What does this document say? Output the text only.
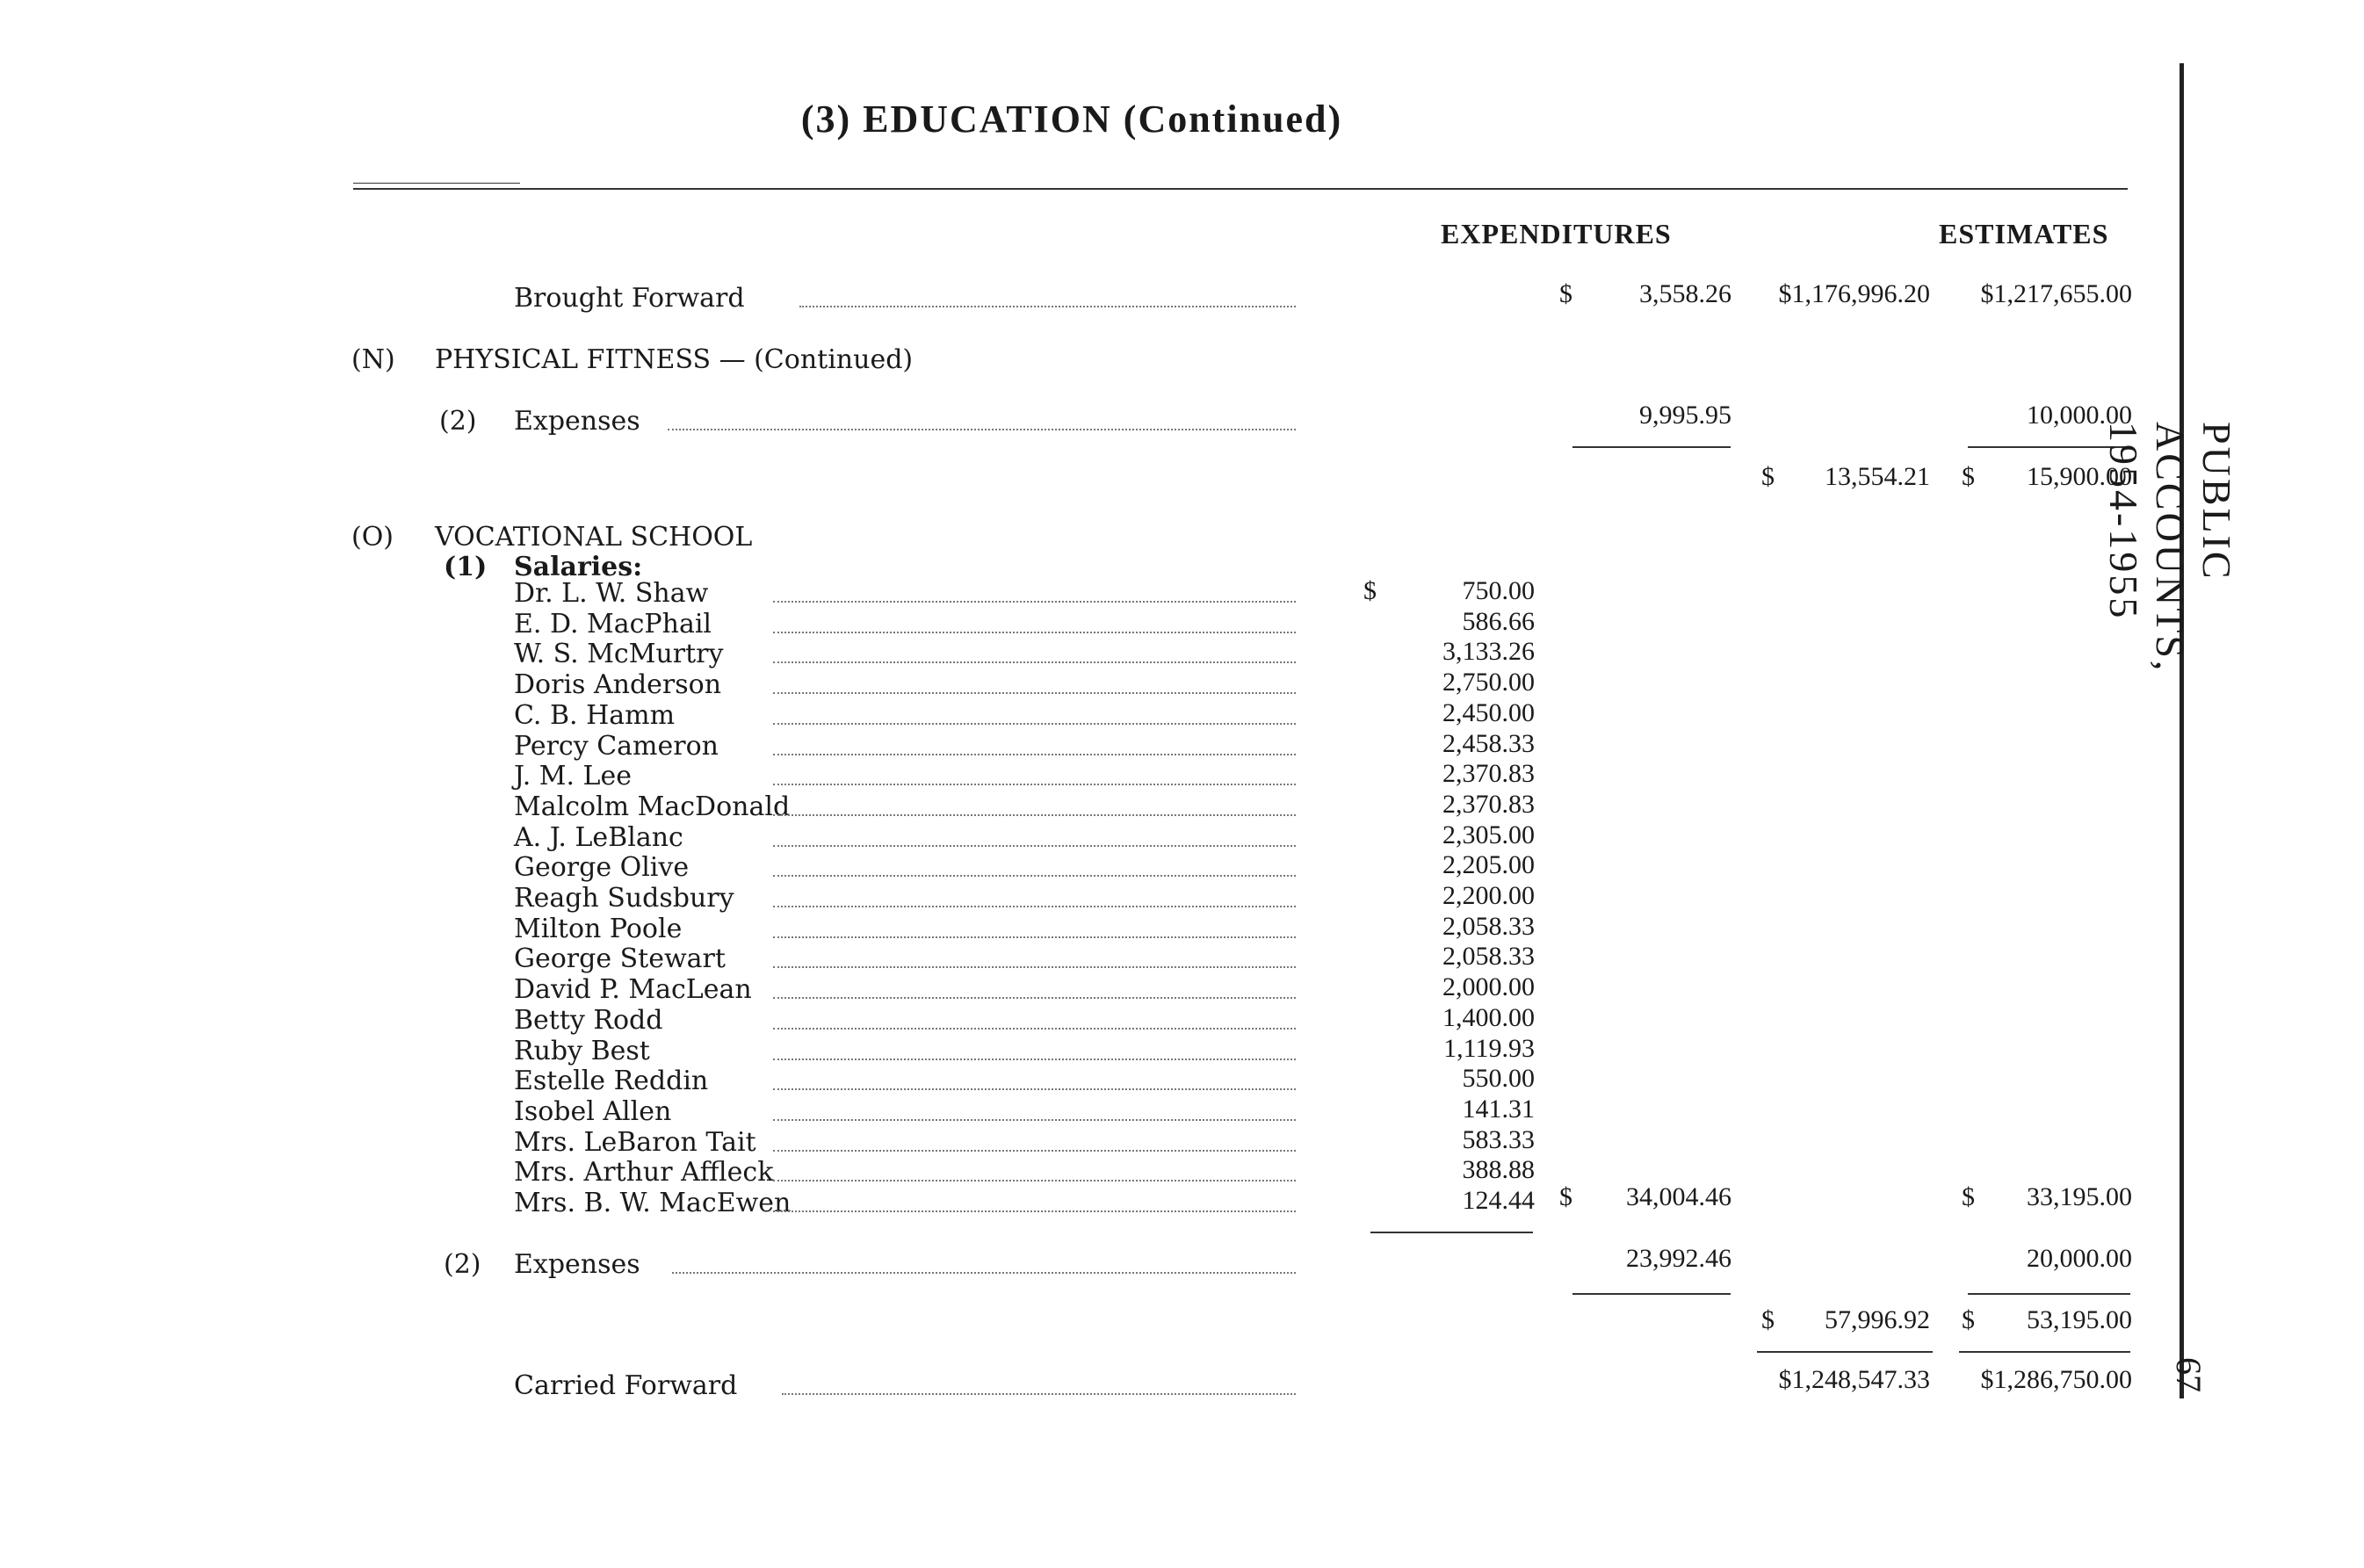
(3) EDUCATION (Continued)
EXPENDITURES	ESTIMATES
Brought Forward	$	3,558.26 $1,176,996.20 $1,217,655.00
(N) PHYSICAL FITNESS — (Continued)
(2) Expenses	9,995.95	10,000.00
$ 13,554.21 $ 15,900.00
(O) VOCATIONAL SCHOOL
(1) Salaries:
Dr. L. W. Shaw	750.00
E. D. MacPhail	586.66
W. S. McMurtry	3,133.26
Doris Anderson	2,750.00
C. B. Hamm	2,450.00
Percy Cameron	2,458.33
J. M. Lee	2,370.83
Malcolm MacDonald	2,370.83
A. J. LeBlanc	2,305.00
George Olive	2,205.00
Reagh Sudsbury	2,200.00
Milton Poole	2,058.33
George Stewart	2,058.33
David P. MacLean	2,000.00
Betty Rodd	1,400.00
Ruby Best	1,119.93
Estelle Reddin	550.00
Isobel Allen	141.31
Mrs. LeBaron Tait	583.33
Mrs. Arthur Affleck	388.88
Mrs. B. W. MacEwen	124.44
$
$ 34,004.46	$ 33,195.00
(2) Expenses	23,992.46	20,000.00
$ 57,996.92 $ 53,195.00
Carried Forward	$1,248,547.33 $1,286,750.00
PUBLIC ACCOUNTS, 1954-1955
67
